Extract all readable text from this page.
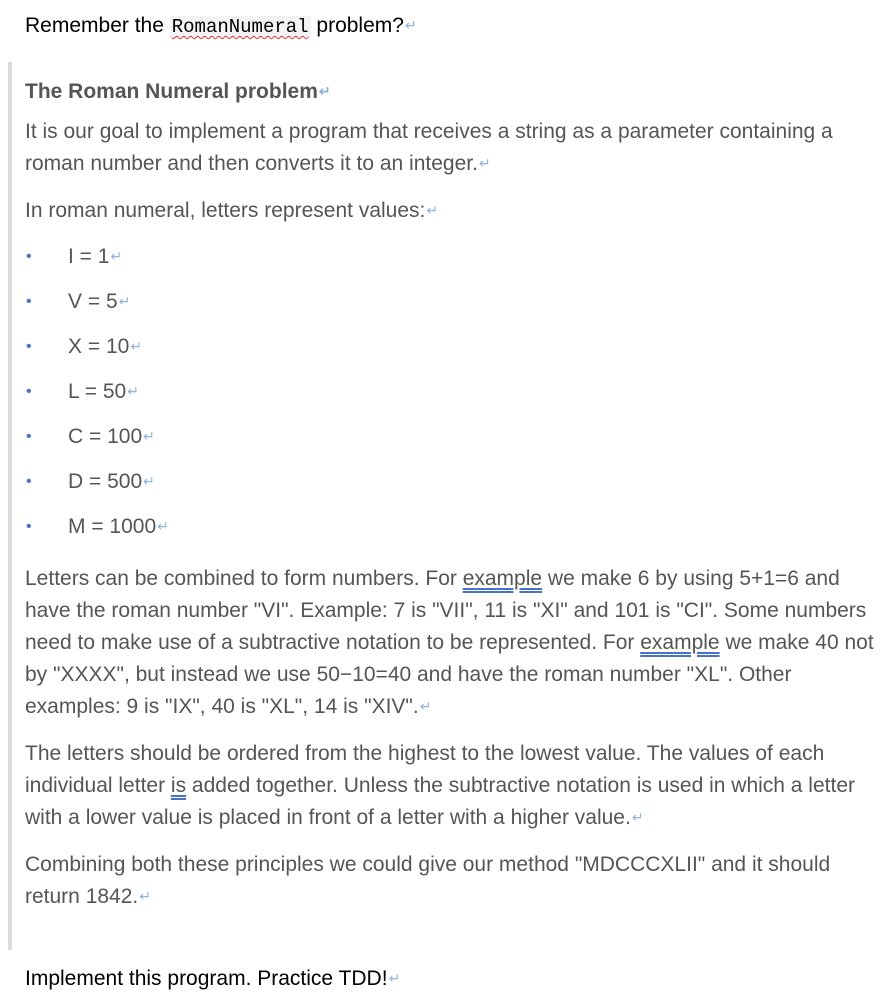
Remember the RomanNumeral problem?↵
The Roman Numeral problem↵
It is our goal to implement a program that receives a string as a parameter containing a roman number and then converts it to an integer.↵
In roman numeral, letters represent values:↵
• I = 1↵
• V = 5↵
• X = 10↵
• L = 50↵
• C = 100↵
• D = 500↵
• M = 1000↵
Letters can be combined to form numbers. For example we make 6 by using 5+1=6 and have the roman number "VI". Example: 7 is "VII", 11 is "XI" and 101 is "CI". Some numbers need to make use of a subtractive notation to be represented. For example we make 40 not by "XXXX", but instead we use 50−10=40 and have the roman number "XL". Other examples: 9 is "IX", 40 is "XL", 14 is "XIV".↵
The letters should be ordered from the highest to the lowest value. The values of each individual letter is added together. Unless the subtractive notation is used in which a letter with a lower value is placed in front of a letter with a higher value.↵
Combining both these principles we could give our method "MDCCCXLII" and it should return 1842.↵
Implement this program. Practice TDD!↵
